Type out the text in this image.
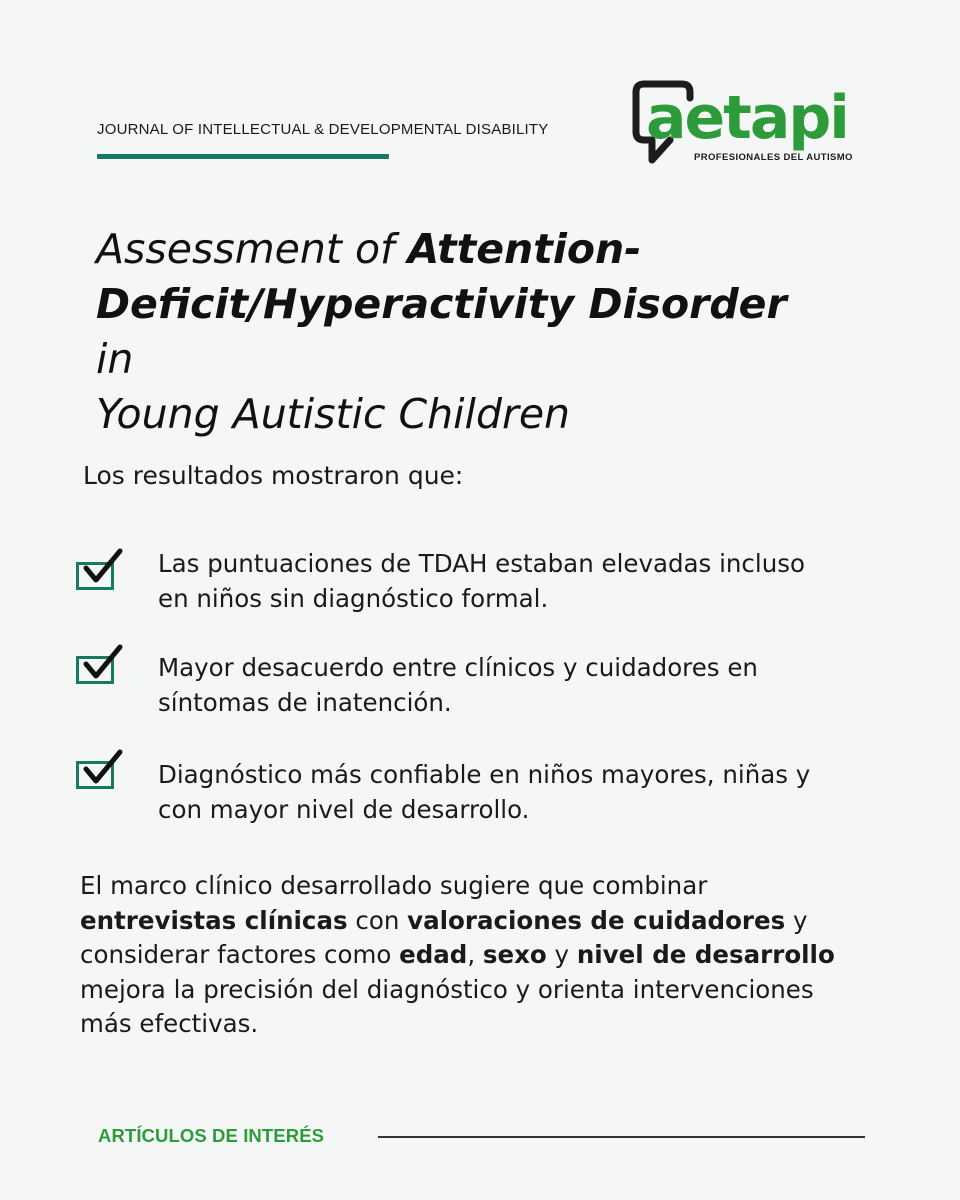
JOURNAL OF INTELLECTUAL & DEVELOPMENTAL DISABILITY aetapi
PROFESIONALES DEL AUTISMO
Assessment of Attention-
Deficit/Hyperactivity Disorder in
Young Autistic Children
Los resultados mostraron que:
Las puntuaciones de TDAH estaban elevadas incluso
en niños sin diagnóstico formal.
Mayor desacuerdo entre clínicos y cuidadores en
síntomas de inatención.
Diagnóstico más confiable en niños mayores, niñas y
con mayor nivel de desarrollo.

El marco clínico desarrollado sugiere que combinar
entrevistas clínicas con valoraciones de cuidadores y
considerar factores como edad, sexo y nivel de desarrollo
mejora la precisión del diagnóstico y orienta intervenciones
más efectivas.

ARTÍCULOS DE INTERÉS
